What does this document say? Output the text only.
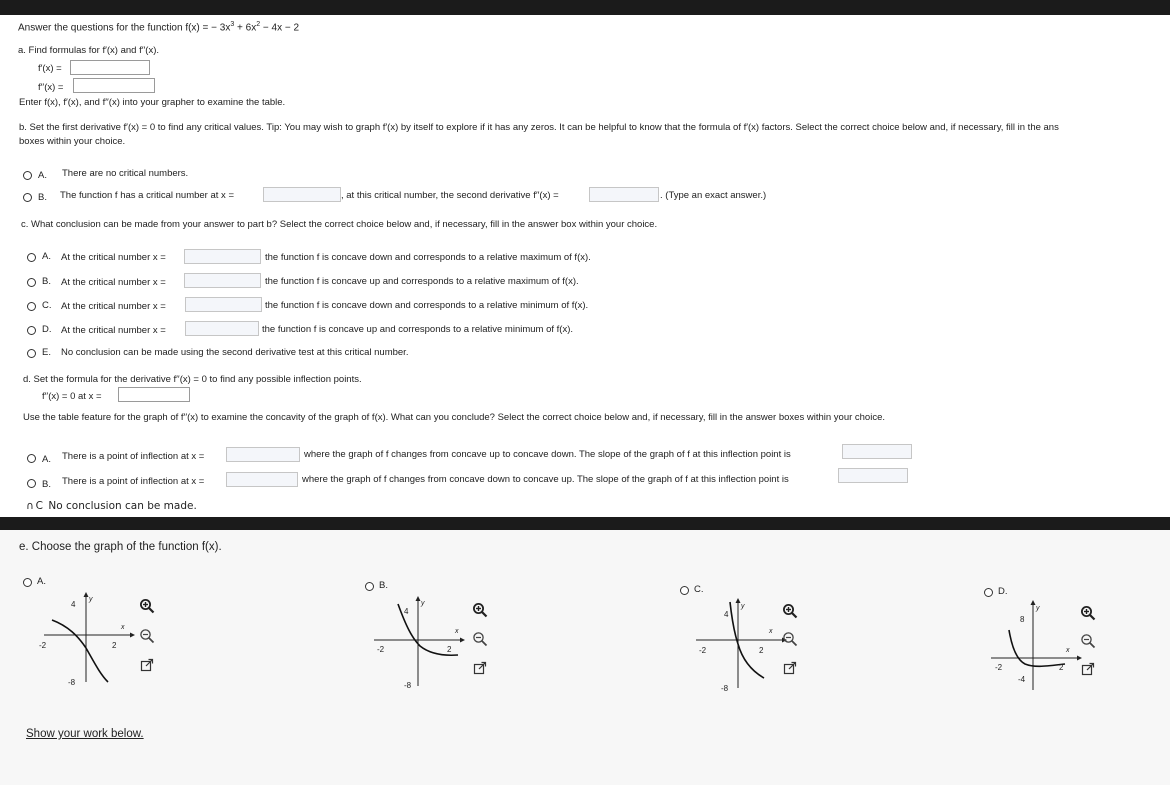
Answer the questions for the function f(x) = − $3x^3 + 6x^2 - 4x - 2$
a. Find formulas for f′(x) and f′′(x).
f′(x) =
f′′(x) =
Enter f(x), f′(x), and f′′(x) into your grapher to examine the table.
b. Set the first derivative f′(x) = 0 to find any critical values. Tip: You may wish to graph f′(x) by itself to explore if it has any zeros. It can be helpful to know that the formula of f′(x) factors. Select the correct choice below and, if necessary, fill in the ans
boxes within your choice.
A. There are no critical numbers.
B. The function f has a critical number at x =	, at this critical number, the second derivative f′′(x) =	. (Type an exact answer.)
c. What conclusion can be made from your answer to part b? Select the correct choice below and, if necessary, fill in the answer box within your choice.
A. At the critical number x =	the function f is concave down and corresponds to a relative maximum of f(x).
B. At the critical number x =	the function f is concave up and corresponds to a relative maximum of f(x).
C. At the critical number x =	the function f is concave down and corresponds to a relative minimum of f(x).
D. At the critical number x =	the function f is concave up and corresponds to a relative minimum of f(x).
E. No conclusion can be made using the second derivative test at this critical number.
d. Set the formula for the derivative f′′(x) = 0 to find any possible inflection points.
f′′(x) = 0 at x =
Use the table feature for the graph of f′′(x) to examine the concavity of the graph of f(x). What can you conclude? Select the correct choice below and, if necessary, fill in the answer boxes within your choice.
A. There is a point of inflection at x =	where the graph of f changes from concave up to concave down. The slope of the graph of f at this inflection point is
B. There is a point of inflection at x =	where the graph of f changes from concave down to concave up. The slope of the graph of f at this inflection point is
∩С No conclusion can be made.
e. Choose the graph of the function f(x).
A.
4
-8
-2	2
x
y
B.
4
-8
-2	2
x
y
C.
4
-8
-2	2
x
y
D.
8
-4
-2	2
x
y
Show your work below.
